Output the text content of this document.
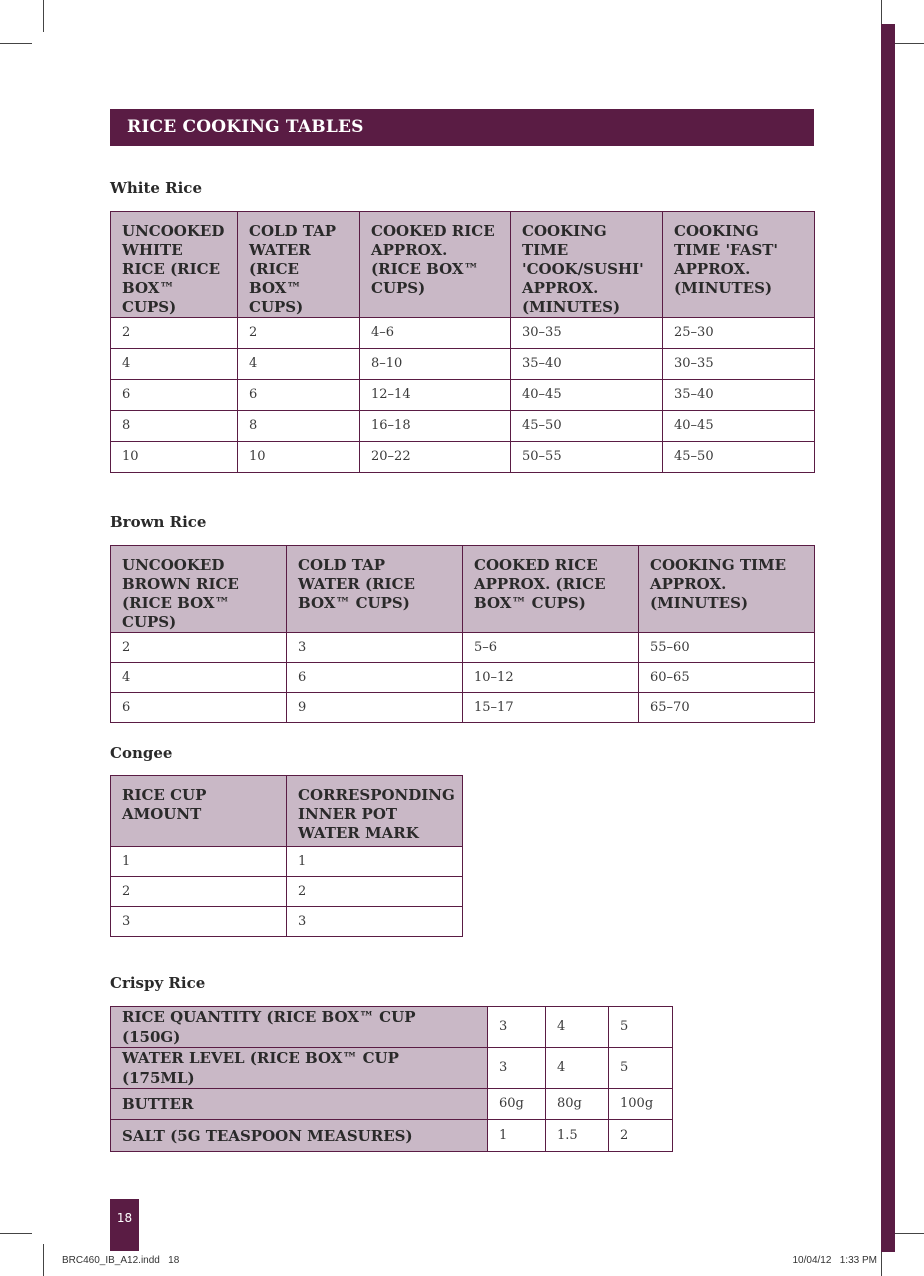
RICE COOKING TABLES
White Rice
UNCOOKED WHITE RICE (RICE BOX™ CUPS)	COLD TAP WATER (RICE BOX™ CUPS)	COOKED RICE APPROX. (RICE BOX™ CUPS)	COOKING TIME 'COOK/SUSHI' APPROX. (MINUTES)	COOKING TIME 'FAST' APPROX. (MINUTES)
2	2	4–6	30–35	25–30
4	4	8–10	35–40	30–35
6	6	12–14	40–45	35–40
8	8	16–18	45–50	40–45
10	10	20–22	50–55	45–50
Brown Rice
UNCOOKED BROWN RICE (RICE BOX™ CUPS)	COLD TAP WATER (RICE BOX™ CUPS)	COOKED RICE APPROX. (RICE BOX™ CUPS)	COOKING TIME APPROX. (MINUTES)
2	3	5–6	55–60
4	6	10–12	60–65
6	9	15–17	65–70
Congee
RICE CUP AMOUNT	CORRESPONDING INNER POT WATER MARK
1	1
2	2
3	3
Crispy Rice
RICE QUANTITY (RICE BOX™ CUP (150G)	3	4	5
WATER LEVEL (RICE BOX™ CUP (175ML)	3	4	5
BUTTER	60g	80g	100g
SALT (5G TEASPOON MEASURES)	1	1.5	2
18
BRC460_IB_A12.indd   18	10/04/12   1:33 PM
